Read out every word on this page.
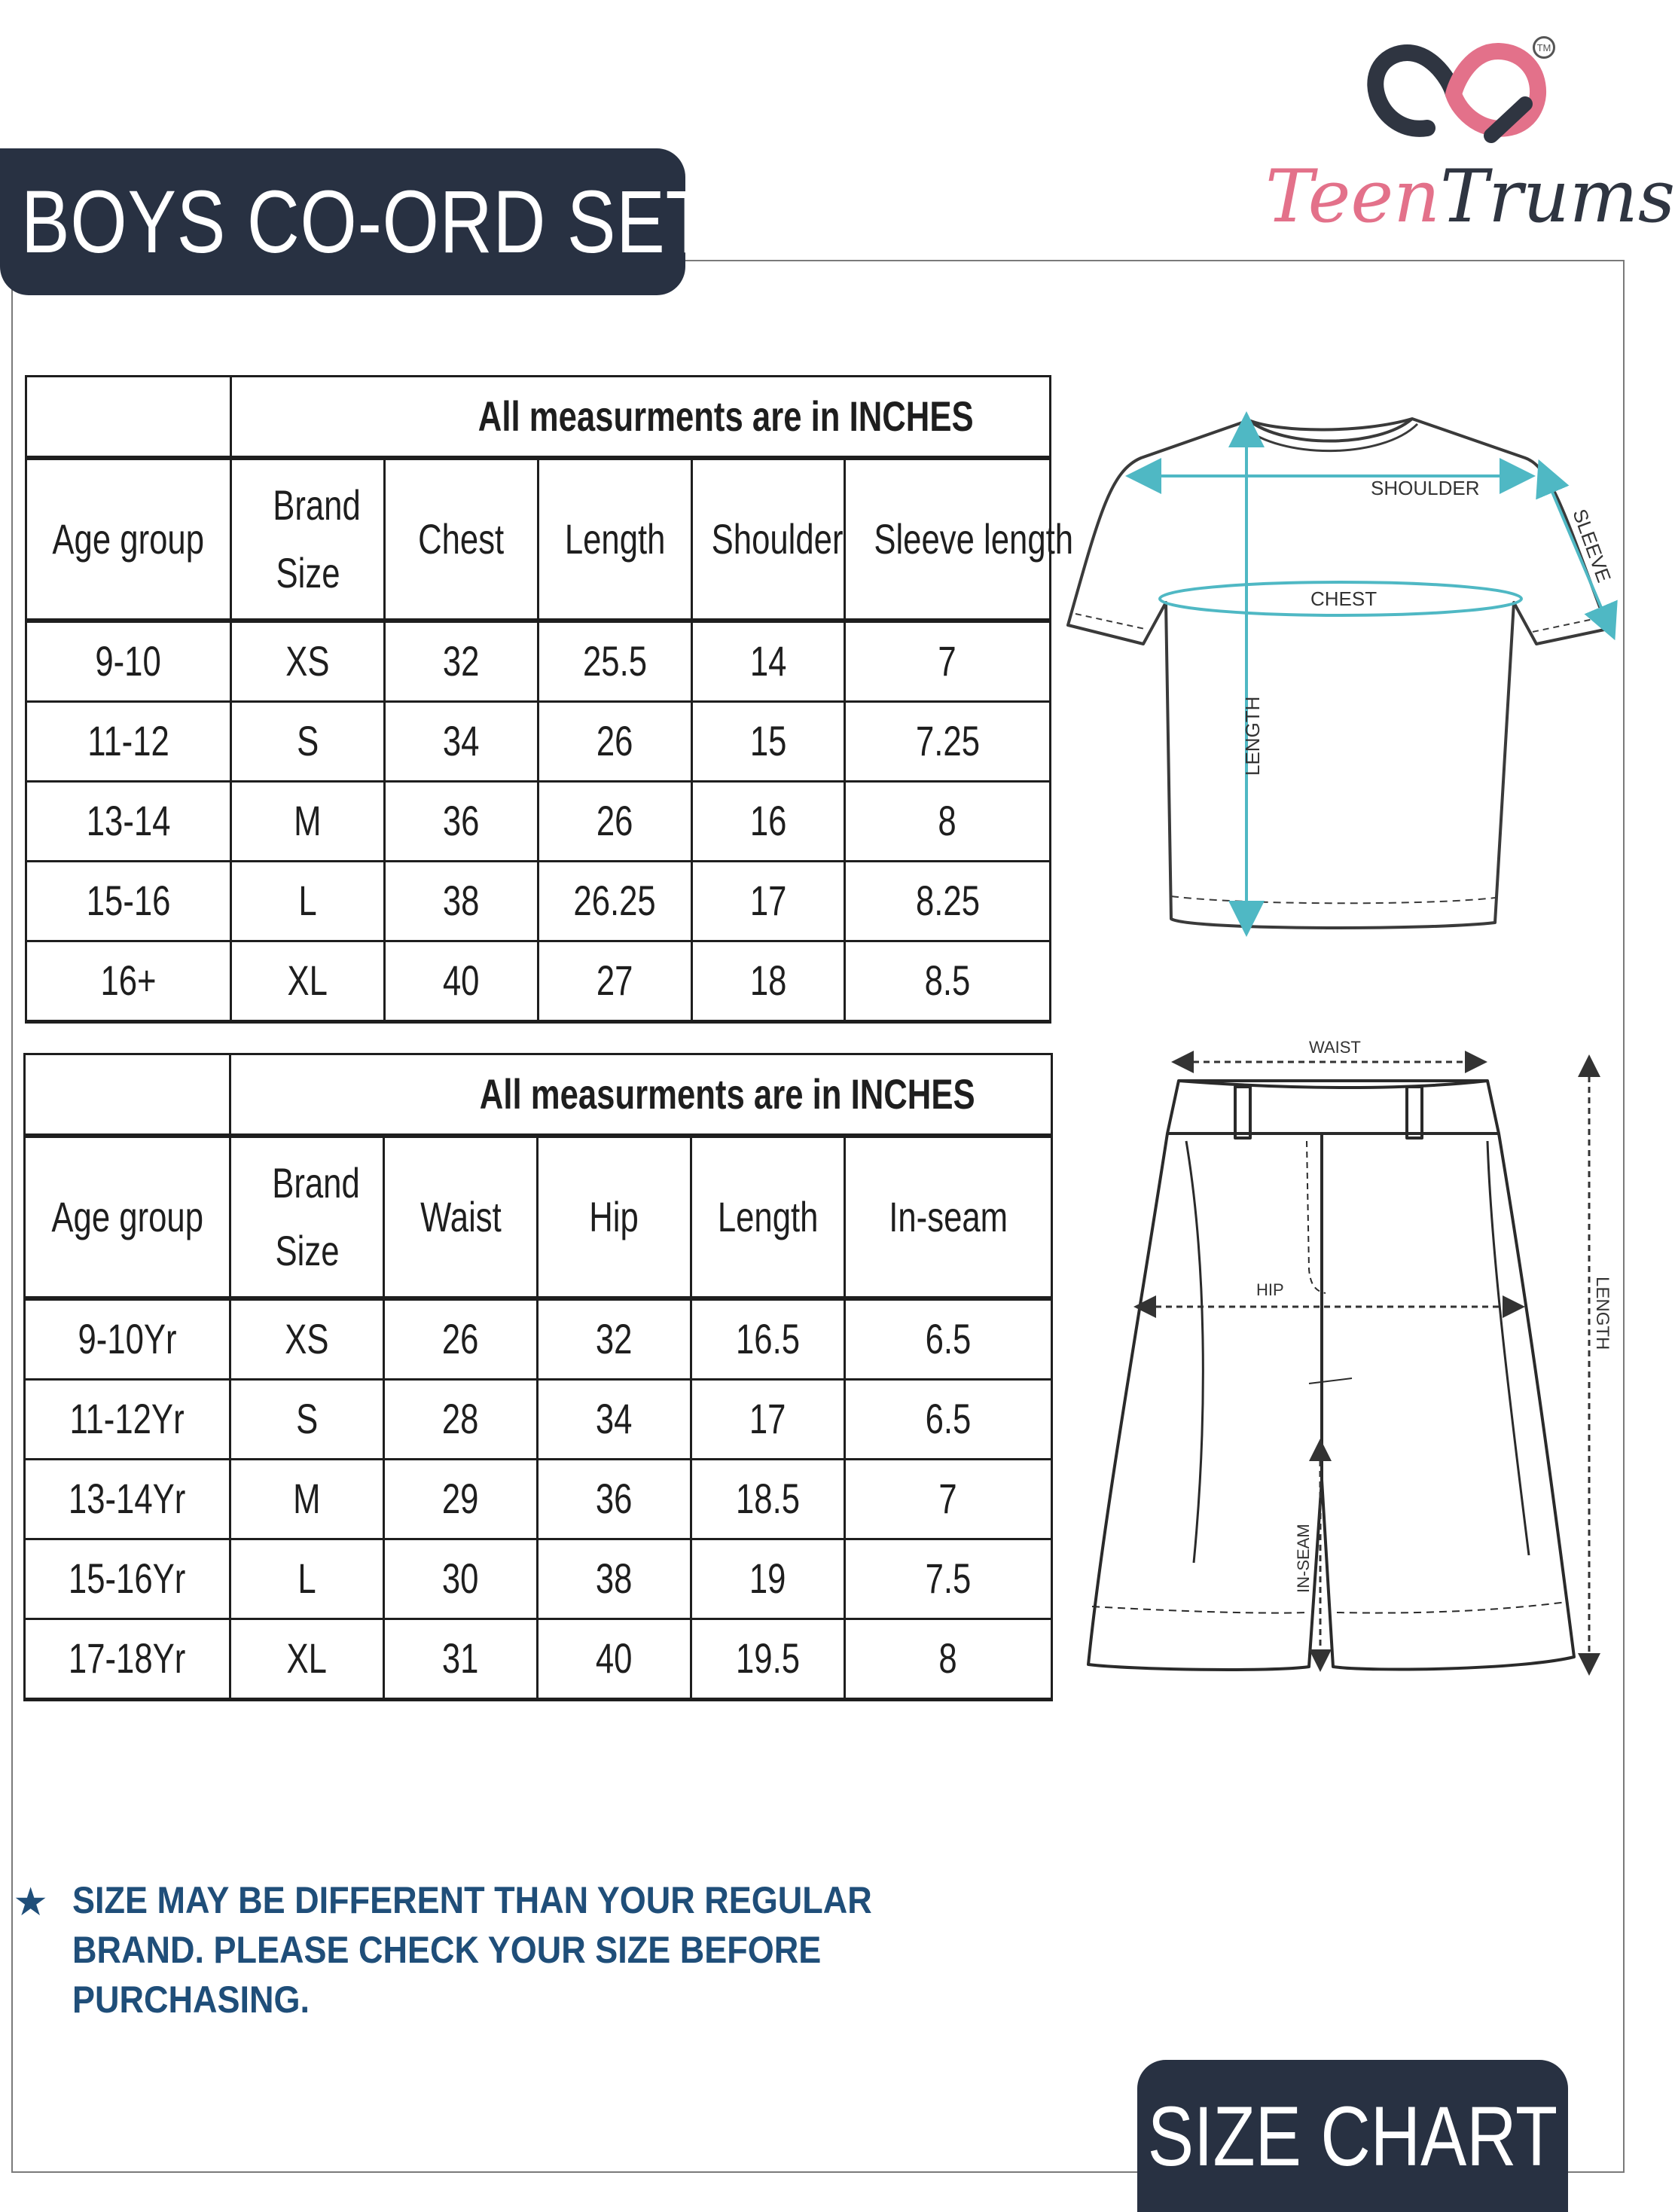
BOYS CO-ORD SET	TeenTrums
TM
	All measurments are in INCHES				
Age group	Brand Size	Chest	Length	Shoulder	Sleeve length
9-10	XS	32	25.5	14	7
11-12	S	34	26	15	7.25
13-14	M	36	26	16	8
15-16	L	38	26.25	17	8.25
16+	XL	40	27	18	8.5
	All measurments are in INCHES				
Age group	Brand Size	Waist	Hip	Length	In-seam
9-10Yr	XS	26	32	16.5	6.5
11-12Yr	S	28	34	17	6.5
13-14Yr	M	29	36	18.5	7
15-16Yr	L	30	38	19	7.5
17-18Yr	XL	31	40	19.5	8
SHOULDER
CHEST
SLEEVE
LENGTH
WAIST
HIP	LENGTH
IN-SEAM
★ SIZE MAY BE DIFFERENT THAN YOUR REGULAR
BRAND. PLEASE CHECK YOUR SIZE BEFORE
PURCHASING.
SIZE CHART
